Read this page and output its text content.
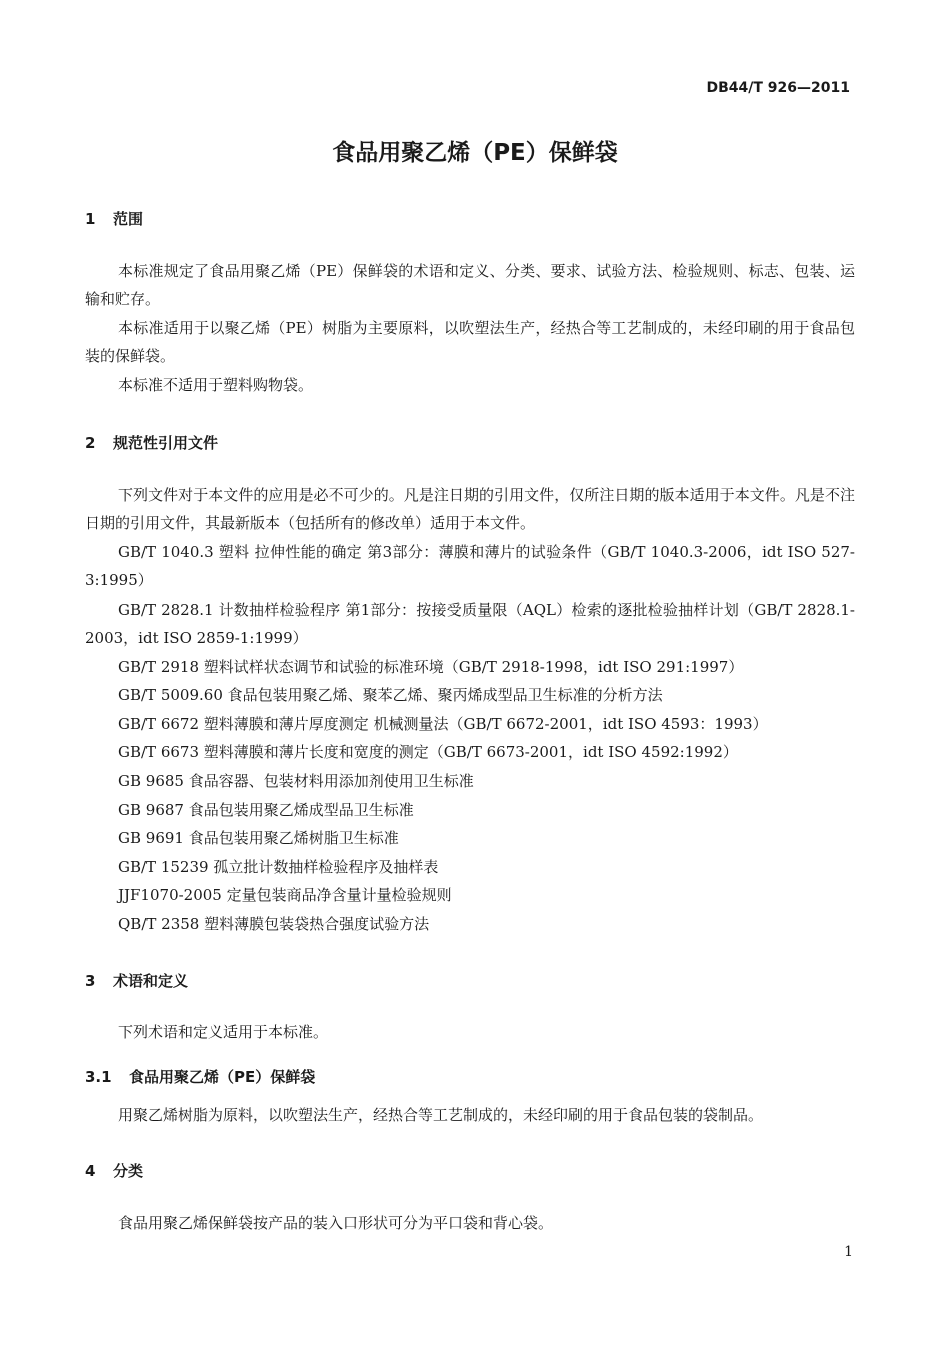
DB44/T 926—2011
食品用聚乙烯（PE）保鲜袋
1 范围

本标准规定了食品用聚乙烯（PE）保鲜袋的术语和定义、分类、要求、试验方法、检验规则、标志、包装、运输和贮存。

本标准适用于以聚乙烯（PE）树脂为主要原料，以吹塑法生产，经热合等工艺制成的，未经印刷的用于食品包装的保鲜袋。

本标准不适用于塑料购物袋。

2 规范性引用文件

下列文件对于本文件的应用是必不可少的。凡是注日期的引用文件，仅所注日期的版本适用于本文件。凡是不注日期的引用文件，其最新版本（包括所有的修改单）适用于本文件。

GB/T 1040.3 塑料 拉伸性能的确定 第3部分：薄膜和薄片的试验条件（GB/T 1040.3-2006，idt ISO 527-3:1995）

GB/T 2828.1 计数抽样检验程序 第1部分：按接受质量限（AQL）检索的逐批检验抽样计划（GB/T 2828.1-2003，idt ISO 2859-1:1999）

GB/T 2918 塑料试样状态调节和试验的标准环境（GB/T 2918-1998，idt ISO 291:1997）

GB/T 5009.60 食品包装用聚乙烯、聚苯乙烯、聚丙烯成型品卫生标准的分析方法

GB/T 6672 塑料薄膜和薄片厚度测定 机械测量法（GB/T 6672-2001，idt ISO 4593：1993）

GB/T 6673 塑料薄膜和薄片长度和宽度的测定（GB/T 6673-2001，idt ISO 4592:1992）

GB 9685 食品容器、包装材料用添加剂使用卫生标准

GB 9687 食品包装用聚乙烯成型品卫生标准

GB 9691 食品包装用聚乙烯树脂卫生标准

GB/T 15239 孤立批计数抽样检验程序及抽样表

JJF1070-2005 定量包装商品净含量计量检验规则

QB/T 2358 塑料薄膜包装袋热合强度试验方法

3 术语和定义

下列术语和定义适用于本标准。

3.1 食品用聚乙烯（PE）保鲜袋

用聚乙烯树脂为原料，以吹塑法生产，经热合等工艺制成的，未经印刷的用于食品包装的袋制品。

4 分类

食品用聚乙烯保鲜袋按产品的装入口形状可分为平口袋和背心袋。

1
